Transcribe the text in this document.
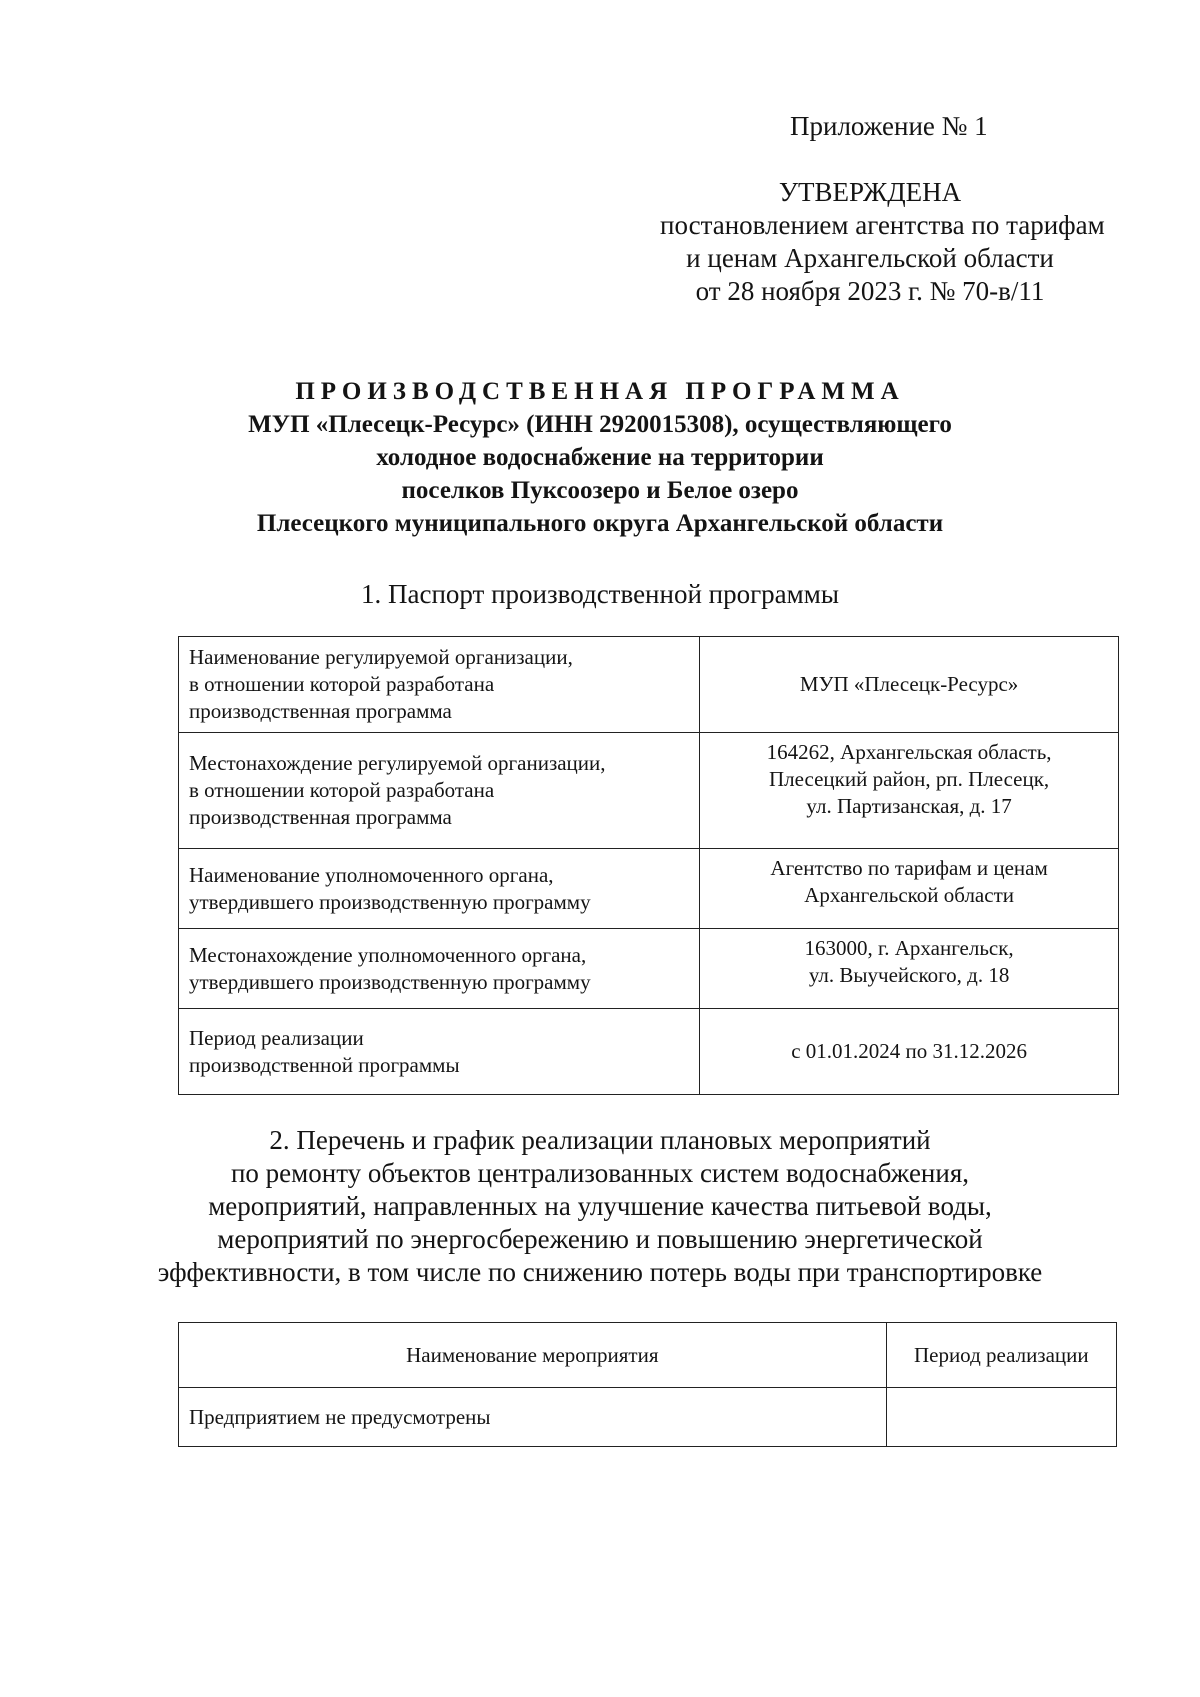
Приложение № 1
УТВЕРЖДЕНА
постановлением агентства по тарифам
и ценам Архангельской области
от 28 ноября 2023 г. № 70-в/11
ПРОИЗВОДСТВЕННАЯ ПРОГРАММА
МУП «Плесецк-Ресурс» (ИНН 2920015308), осуществляющего
холодное водоснабжение на территории
поселков Пуксоозеро и Белое озеро
Плесецкого муниципального округа Архангельской области
1. Паспорт производственной программы
Наименование регулируемой организации,
в отношении которой разработана
производственная программа	МУП «Плесецк-Ресурс»

Местонахождение регулируемой организации,
в отношении которой разработана
производственная программа	164262, Архангельская область,
Плесецкий район, рп. Плесецк,
ул. Партизанская, д. 17

Наименование уполномоченного органа,
утвердившего производственную программу	Агентство по тарифам и ценам
Архангельской области

Местонахождение уполномоченного органа,
утвердившего производственную программу	163000, г. Архангельск,
ул. Выучейского, д. 18

Период реализации
производственной программы	с 01.01.2024 по 31.12.2026
2. Перечень и график реализации плановых мероприятий
по ремонту объектов централизованных систем водоснабжения,
мероприятий, направленных на улучшение качества питьевой воды,
мероприятий по энергосбережению и повышению энергетической
эффективности, в том числе по снижению потерь воды при транспортировке
Наименование мероприятия	Период реализации
Предприятием не предусмотрены	
